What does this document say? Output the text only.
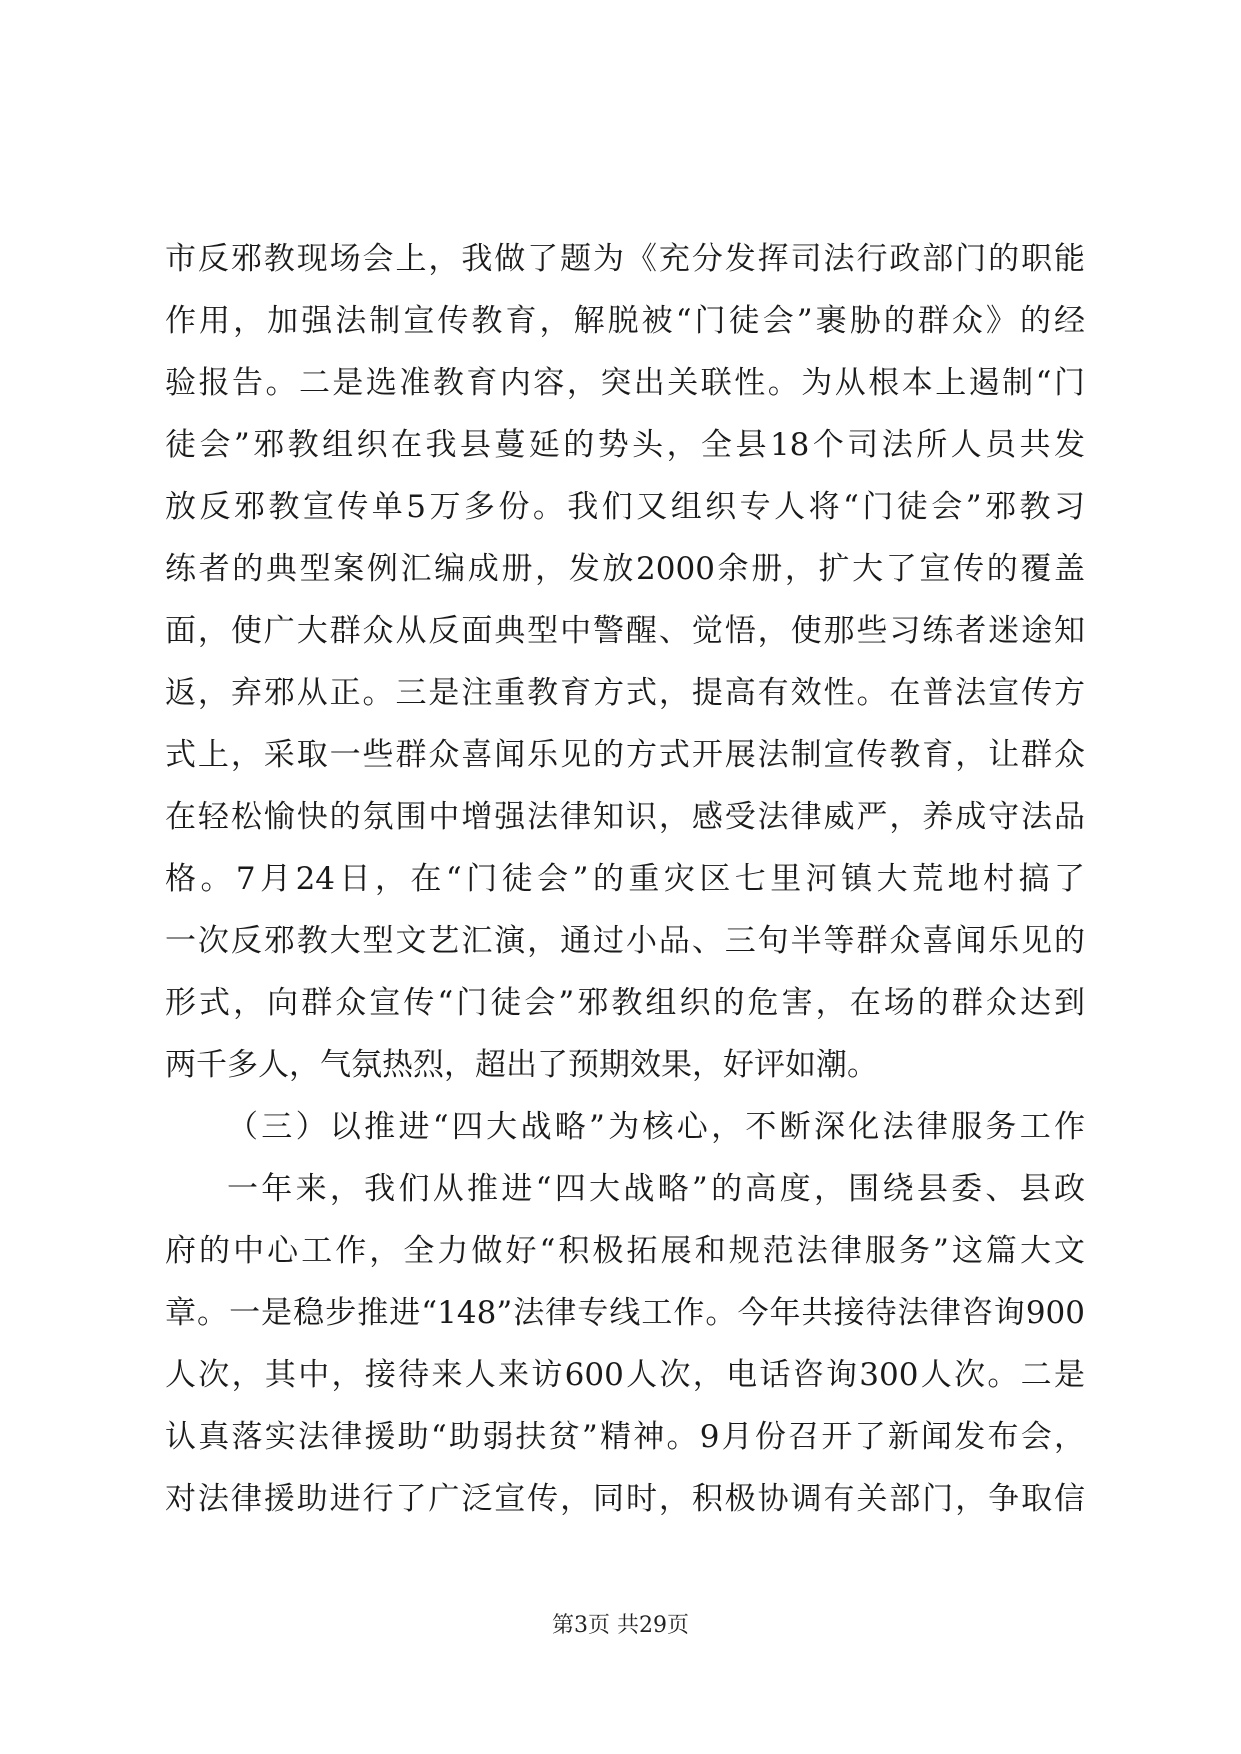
市反邪教现场会上，我做了题为《充分发挥司法行政部门的职能
作用，加强法制宣传教育，解脱被“门徒会”裹胁的群众》的经
验报告。二是选准教育内容，突出关联性。为从根本上遏制“门
徒会”邪教组织在我县蔓延的势头，全县18个司法所人员共发
放反邪教宣传单5万多份。我们又组织专人将“门徒会”邪教习
练者的典型案例汇编成册，发放2000余册，扩大了宣传的覆盖
面，使广大群众从反面典型中警醒、觉悟，使那些习练者迷途知
返，弃邪从正。三是注重教育方式，提高有效性。在普法宣传方
式上，采取一些群众喜闻乐见的方式开展法制宣传教育，让群众
在轻松愉快的氛围中增强法律知识，感受法律威严，养成守法品
格。7月24日，在“门徒会”的重灾区七里河镇大荒地村搞了
一次反邪教大型文艺汇演，通过小品、三句半等群众喜闻乐见的
形式，向群众宣传“门徒会”邪教组织的危害，在场的群众达到
两千多人，气氛热烈，超出了预期效果，好评如潮。
（三）以推进“四大战略”为核心，不断深化法律服务工作
一年来，我们从推进“四大战略”的高度，围绕县委、县政
府的中心工作，全力做好“积极拓展和规范法律服务”这篇大文
章。一是稳步推进“148”法律专线工作。今年共接待法律咨询900
人次，其中，接待来人来访600人次，电话咨询300人次。二是
认真落实法律援助“助弱扶贫”精神。9月份召开了新闻发布会，
对法律援助进行了广泛宣传，同时，积极协调有关部门，争取信
第3页 共29页
